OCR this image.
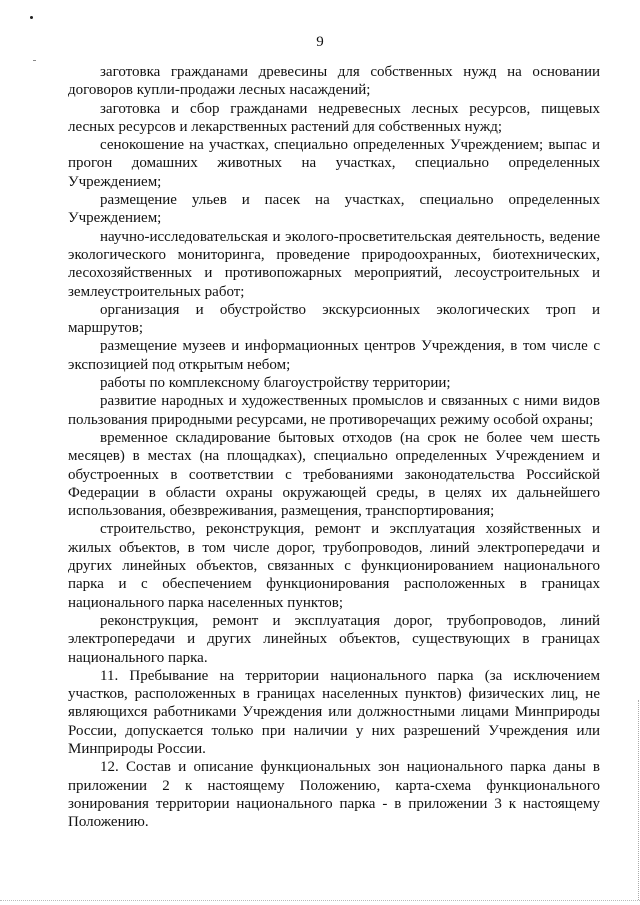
9

заготовка гражданами древесины для собственных нужд на основании договоров купли-продажи лесных насаждений;

заготовка и сбор гражданами недревесных лесных ресурсов, пищевых лесных ресурсов и лекарственных растений для собственных нужд;

сенокошение на участках, специально определенных Учреждением; выпас и прогон домашних животных на участках, специально определенных Учреждением;

размещение ульев и пасек на участках, специально определенных Учреждением;

научно-исследовательская и эколого-просветительская деятельность, ведение экологического мониторинга, проведение природоохранных, биотехнических, лесохозяйственных и противопожарных мероприятий, лесоустроительных и землеустроительных работ;

организация и обустройство экскурсионных экологических троп и маршрутов;

размещение музеев и информационных центров Учреждения, в том числе с экспозицией под открытым небом;

работы по комплексному благоустройству территории;

развитие народных и художественных промыслов и связанных с ними видов пользования природными ресурсами, не противоречащих режиму особой охраны;

временное складирование бытовых отходов (на срок не более чем шесть месяцев) в местах (на площадках), специально определенных Учреждением и обустроенных в соответствии с требованиями законодательства Российской Федерации в области охраны окружающей среды, в целях их дальнейшего использования, обезвреживания, размещения, транспортирования;

строительство, реконструкция, ремонт и эксплуатация хозяйственных и жилых объектов, в том числе дорог, трубопроводов, линий электропередачи и других линейных объектов, связанных с функционированием национального парка и с обеспечением функционирования расположенных в границах национального парка населенных пунктов;

реконструкция, ремонт и эксплуатация дорог, трубопроводов, линий электропередачи и других линейных объектов, существующих в границах национального парка.

11. Пребывание на территории национального парка (за исключением участков, расположенных в границах населенных пунктов) физических лиц, не являющихся работниками Учреждения или должностными лицами Минприроды России, допускается только при наличии у них разрешений Учреждения или Минприроды России.

12. Состав и описание функциональных зон национального парка даны в приложении 2 к настоящему Положению, карта-схема функционального зонирования территории национального парка - в приложении 3 к настоящему Положению.
